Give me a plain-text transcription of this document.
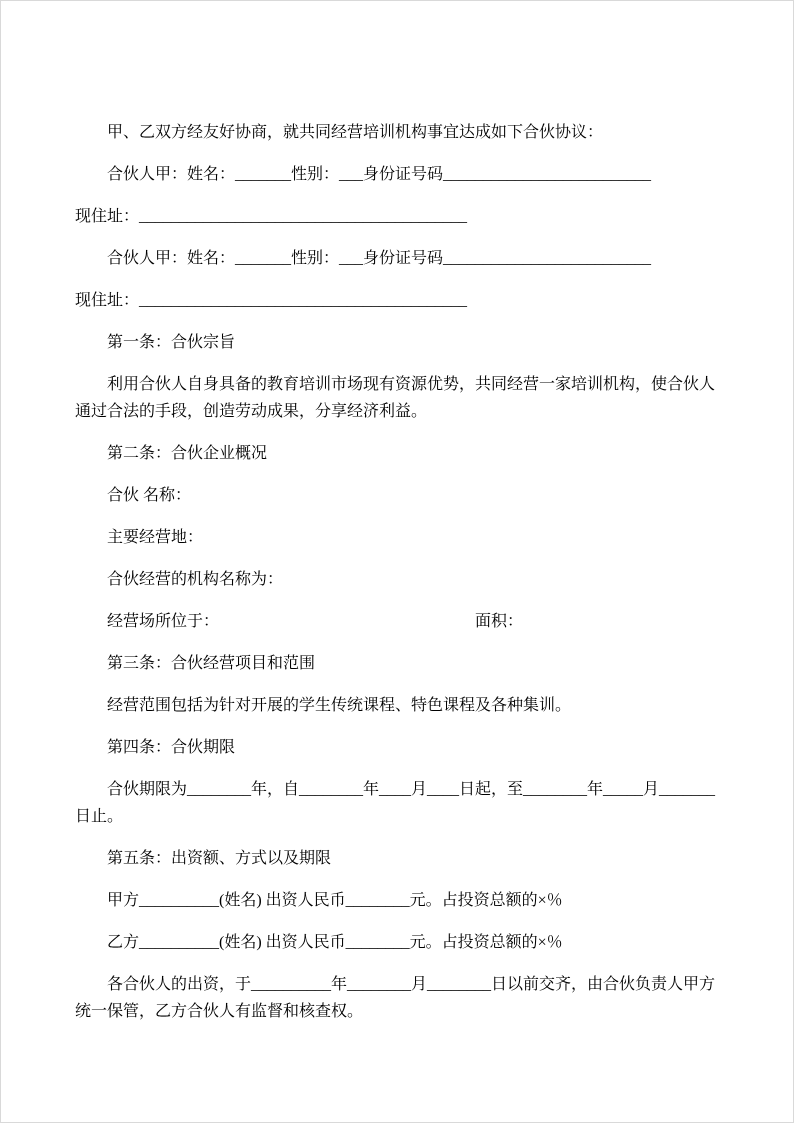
甲、乙双方经友好协商，就共同经营培训机构事宜达成如下合伙协议：

合伙人甲：姓名：_______性别：___身份证号码__________________________

现住址：_________________________________________

合伙人甲：姓名：_______性别：___身份证号码__________________________

现住址：_________________________________________

第一条：合伙宗旨

利用合伙人自身具备的教育培训市场现有资源优势，共同经营一家培训机构，使合伙人通过合法的手段，创造劳动成果，分享经济利益。

第二条：合伙企业概况

合伙 名称：

主要经营地：

合伙经营的机构名称为：

经营场所位于：	面积：

第三条：合伙经营项目和范围

经营范围包括为针对开展的学生传统课程、特色课程及各种集训。

第四条：合伙期限

合伙期限为________年，自________年____月____日起，至________年_____月_______日止。

第五条：出资额、方式以及期限

甲方__________(姓名) 出资人民币________元。占投资总额的×％

乙方__________(姓名) 出资人民币________元。占投资总额的×％

各合伙人的出资，于__________年________月________日以前交齐，由合伙负责人甲方统一保管，乙方合伙人有监督和核查权。
